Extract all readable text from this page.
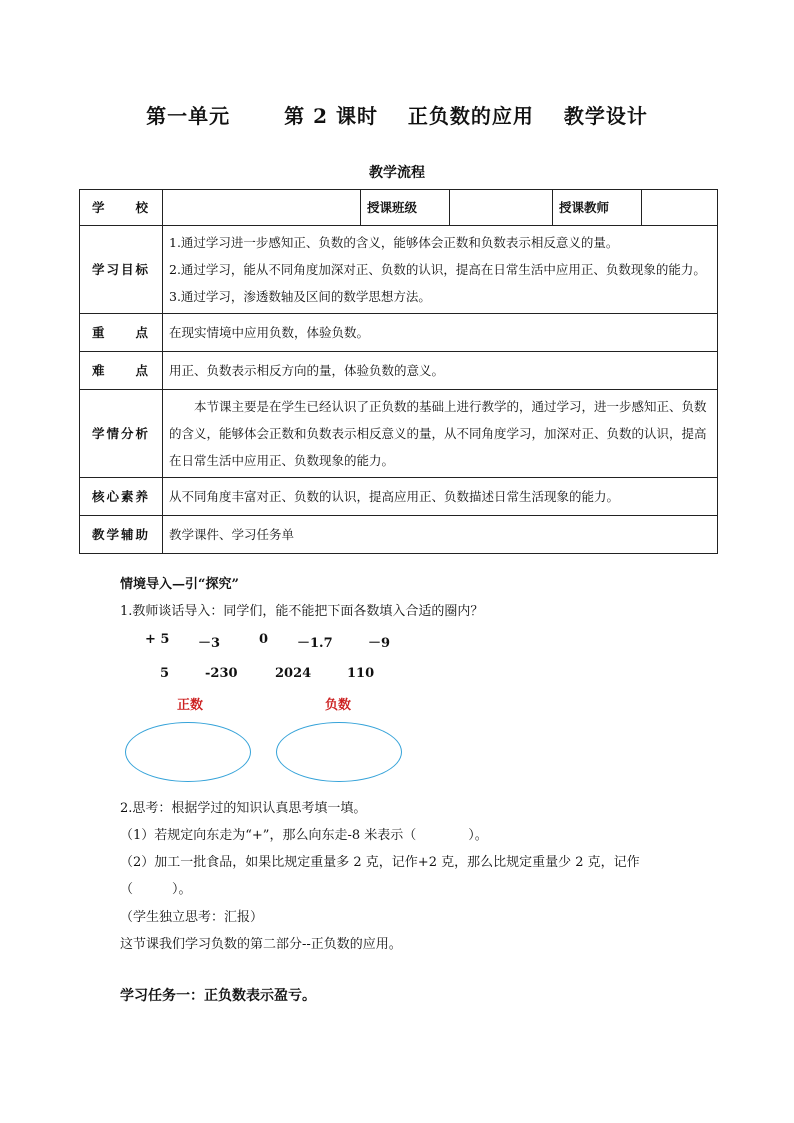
第一单元	第 2 课时 正负数的应用 教学设计
教学流程
学 校		授课班级		授课教师	
学习目标	1.通过学习进一步感知正、负数的含义，能够体会正数和负数表示相反意义的量。

2.通过学习，能从不同角度加深对正、负数的认识，提高在日常生活中应用正、负数现象的能力。

3.通过学习，渗透数轴及区间的数学思想方法。				

重 点	在现实情境中应用负数，体验负数。				

难 点	用正、负数表示相反方向的量，体验负数的意义。				
学情分析	本节课主要是在学生已经认识了正负数的基础上进行教学的，通过学习，进一步感知正、负数的含义，能够体会正数和负数表示相反意义的量，从不同角度学习，加深对正、负数的认识，提高在日常生活中应用正、负数现象的能力。				

核心素养	从不同角度丰富对正、负数的认识，提高应用正、负数描述日常生活现象的能力。				
教学辅助	教学课件、学习任务单				
情境导入—引“探究”
1.教师谈话导入：同学们，能不能把下面各数填入合适的圈内？
+ 5 －3	0 －1.7	－9
5	-230	2024	110
正数	负数
2.思考：根据学过的知识认真思考填一填。
（1）若规定向东走为“+”，那么向东走-8 米表示（　　　　）。
（2）加工一批食品，如果比规定重量多 2 克，记作+2 克，那么比规定重量少 2 克，记作
（　　　）。
（学生独立思考：汇报）
这节课我们学习负数的第二部分--正负数的应用。
学习任务一：正负数表示盈亏。
